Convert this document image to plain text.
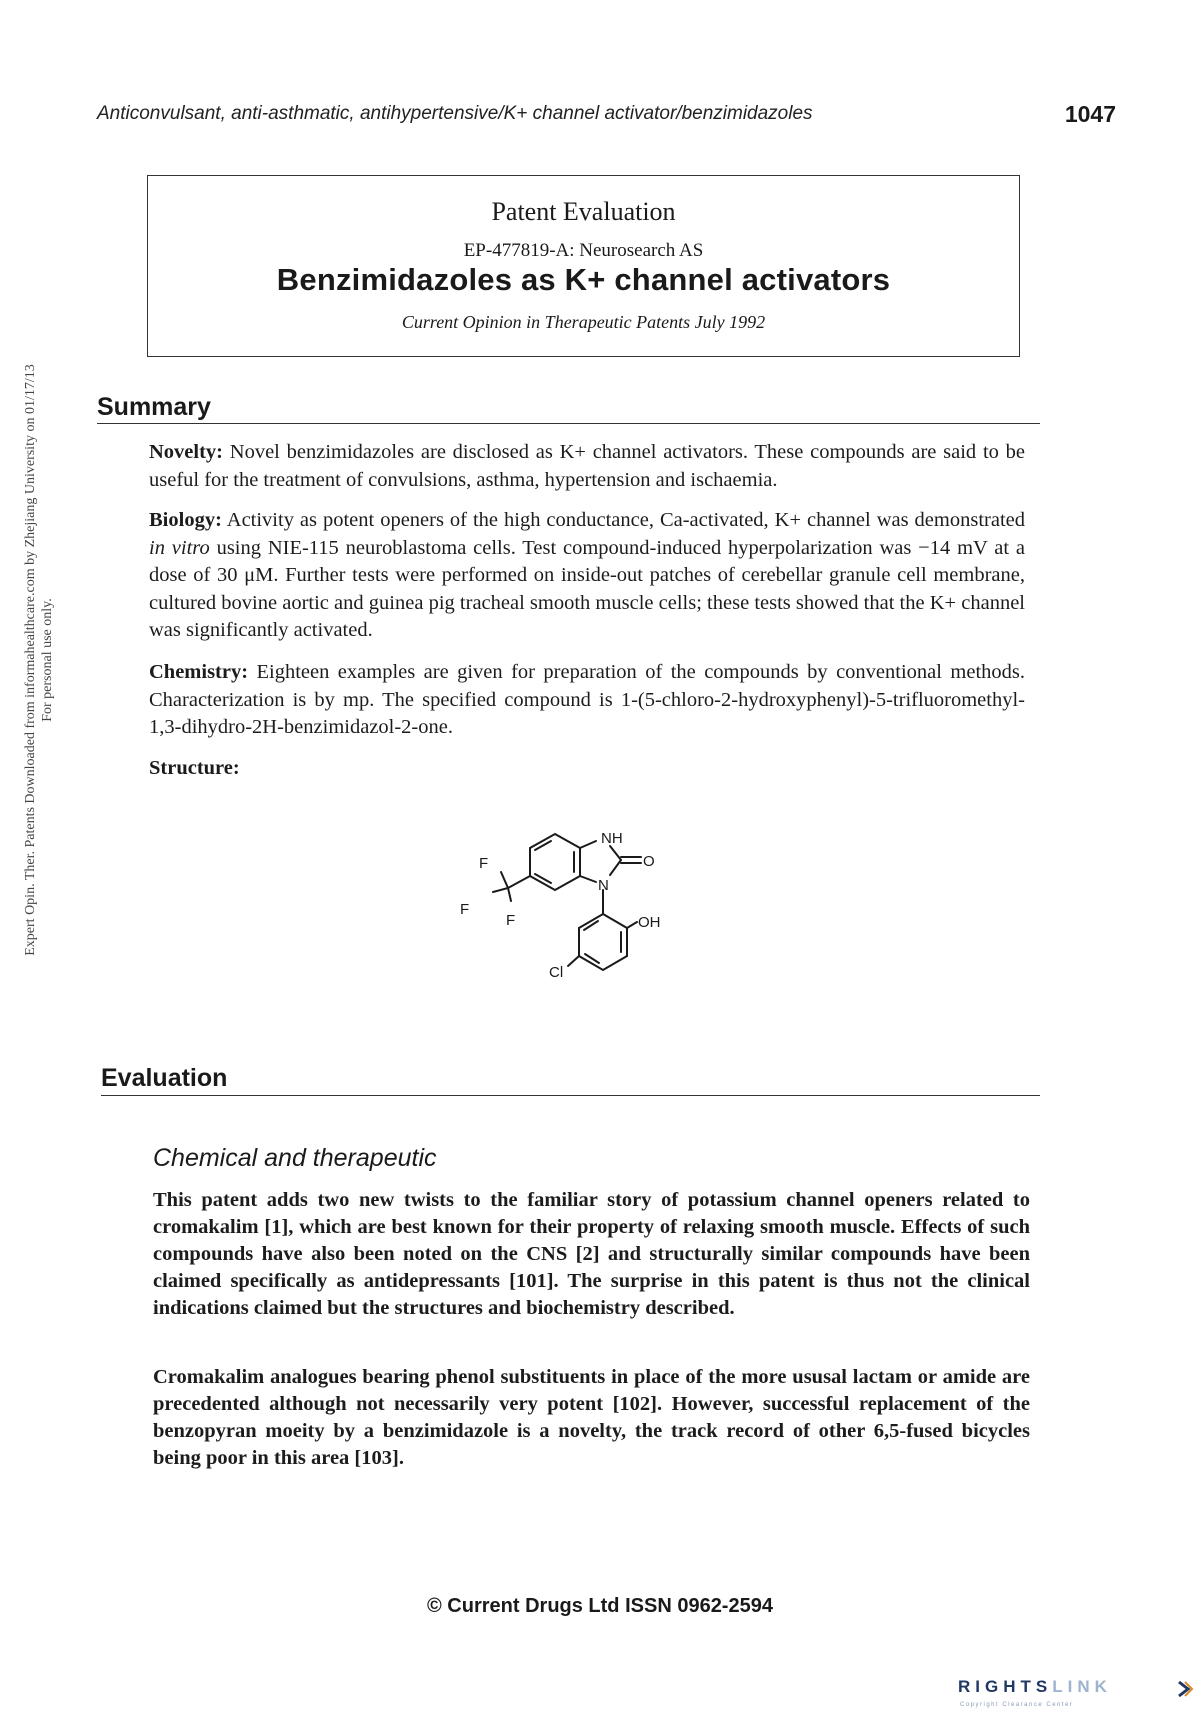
Anticonvulsant, anti-asthmatic, antihypertensive/K+ channel activator/benzimidazoles	1047
Patent Evaluation
EP-477819-A: Neurosearch AS
Benzimidazoles as K+ channel activators
Current Opinion in Therapeutic Patents July 1992
Summary
Novelty: Novel benzimidazoles are disclosed as K+ channel activators. These compounds are said to be useful for the treatment of convulsions, asthma, hypertension and ischaemia.
Biology: Activity as potent openers of the high conductance, Ca-activated, K+ channel was demonstrated in vitro using NIE-115 neuroblastoma cells. Test compound-induced hyperpolarization was −14 mV at a dose of 30 μM. Further tests were performed on inside-out patches of cerebellar granule cell membrane, cultured bovine aortic and guinea pig tracheal smooth muscle cells; these tests showed that the K+ channel was significantly activated.
Chemistry: Eighteen examples are given for preparation of the compounds by conventional methods. Characterization is by mp. The specified compound is 1-(5-chloro-2-hydroxyphenyl)-5-trifluoromethyl-1,3-dihydro-2H-benzimidazol-2-one.
Structure:
NH
N
O
OH
Cl
F
F
F
Evaluation
Chemical and therapeutic
This patent adds two new twists to the familiar story of potassium channel openers related to cromakalim [1], which are best known for their property of relaxing smooth muscle. Effects of such compounds have also been noted on the CNS [2] and structurally similar compounds have been claimed specifically as antidepressants [101]. The surprise in this patent is thus not the clinical indications claimed but the structures and biochemistry described.
Cromakalim analogues bearing phenol substituents in place of the more ususal lactam or amide are precedented although not necessarily very potent [102]. However, successful replacement of the benzopyran moeity by a benzimidazole is a novelty, the track record of other 6,5-fused bicycles being poor in this area [103].
© Current Drugs Ltd ISSN 0962-2594
Expert Opin. Ther. Patents Downloaded from informahealthcare.com by Zhejiang University on 01/17/13 For personal use only.
RIGHTSLINK
Copyright Clearance Center
